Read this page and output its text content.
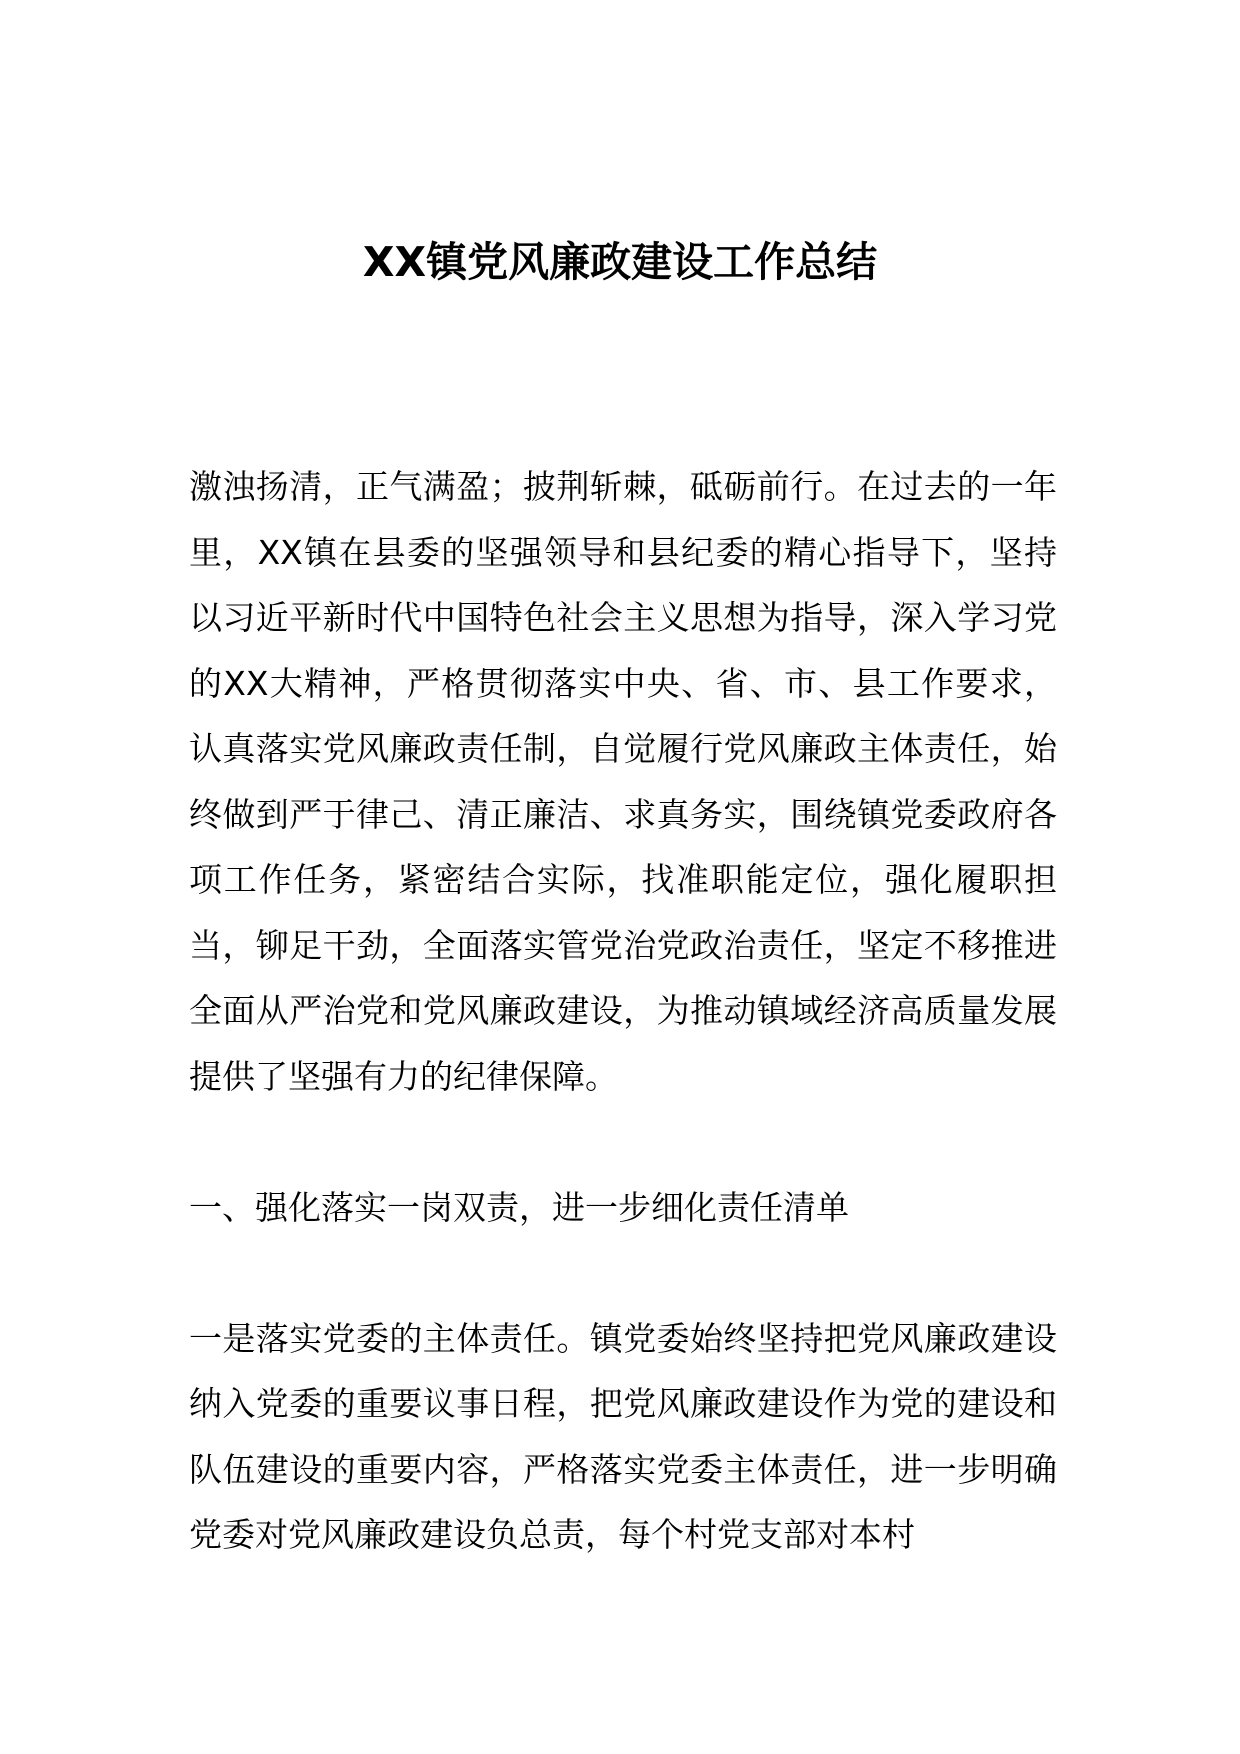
XX镇党风廉政建设工作总结

激浊扬清，正气满盈；披荆斩棘，砥砺前行。在过去的一年里，XX镇在县委的坚强领导和县纪委的精心指导下，坚持以习近平新时代中国特色社会主义思想为指导，深入学习党的XX大精神，严格贯彻落实中央、省、市、县工作要求，认真落实党风廉政责任制，自觉履行党风廉政主体责任，始终做到严于律己、清正廉洁、求真务实，围绕镇党委政府各项工作任务，紧密结合实际，找准职能定位，强化履职担当，铆足干劲，全面落实管党治党政治责任，坚定不移推进全面从严治党和党风廉政建设，为推动镇域经济高质量发展提供了坚强有力的纪律保障。

一、强化落实一岗双责，进一步细化责任清单

一是落实党委的主体责任。镇党委始终坚持把党风廉政建设纳入党委的重要议事日程，把党风廉政建设作为党的建设和队伍建设的重要内容，严格落实党委主体责任，进一步明确党委对党风廉政建设负总责，每个村党支部对本村
